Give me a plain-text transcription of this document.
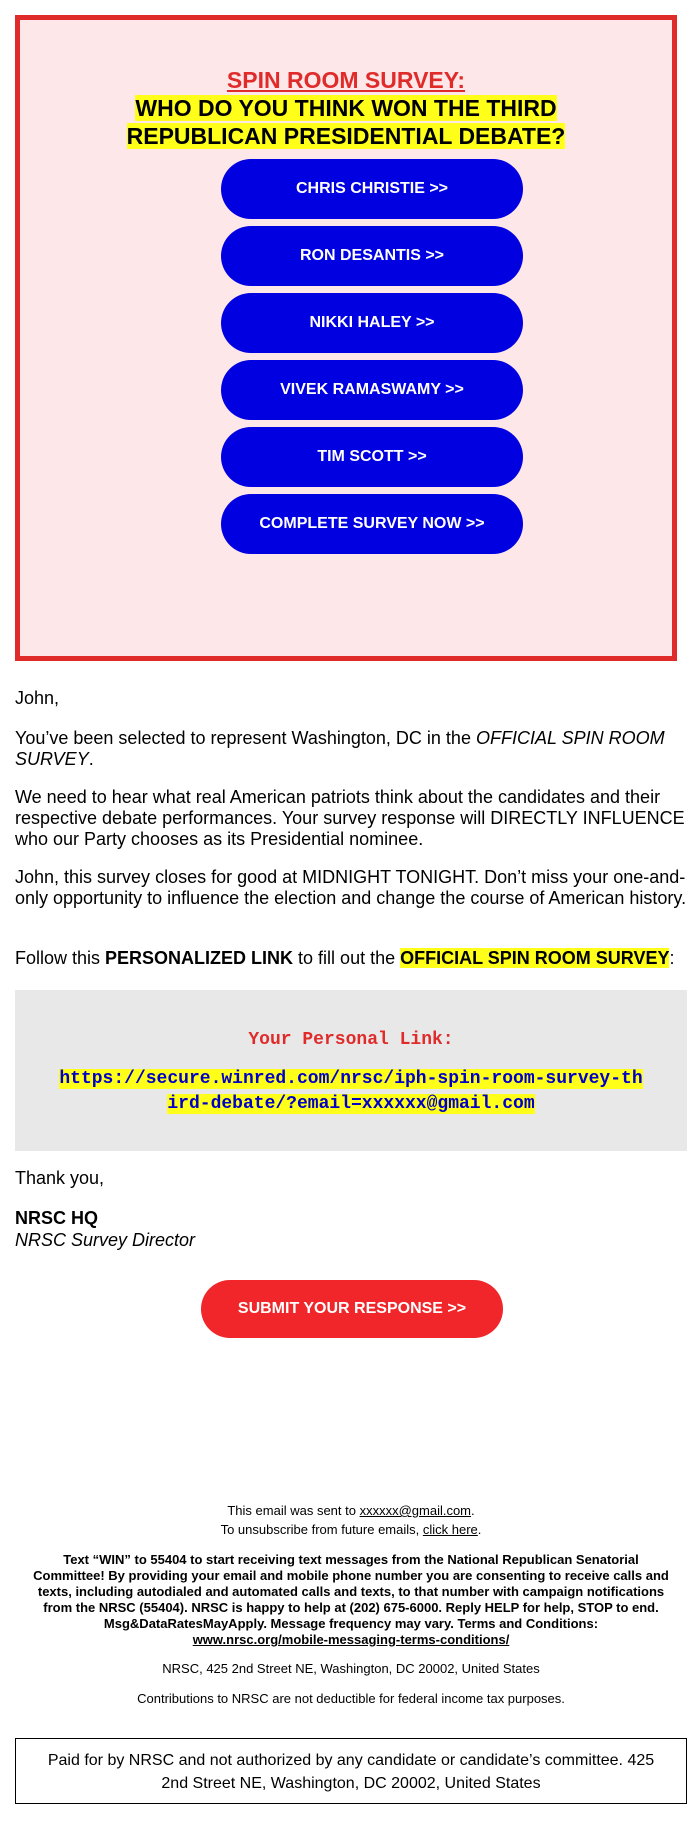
SPIN ROOM SURVEY:
WHO DO YOU THINK WON THE THIRD REPUBLICAN PRESIDENTIAL DEBATE?
CHRIS CHRISTIE >>
RON DESANTIS >>
NIKKI HALEY >>
VIVEK RAMASWAMY >>
TIM SCOTT >>
COMPLETE SURVEY NOW >>
John,
You’ve been selected to represent Washington, DC in the OFFICIAL SPIN ROOM SURVEY.
We need to hear what real American patriots think about the candidates and their respective debate performances. Your survey response will DIRECTLY INFLUENCE who our Party chooses as its Presidential nominee.
John, this survey closes for good at MIDNIGHT TONIGHT. Don’t miss your one-and-only opportunity to influence the election and change the course of American history.
Follow this PERSONALIZED LINK to fill out the OFFICIAL SPIN ROOM SURVEY:
Your Personal Link:
https://secure.winred.com/nrsc/iph-spin-room-survey-third-debate/?email=xxxxxx@gmail.com
Thank you,
NRSC HQ
NRSC Survey Director
SUBMIT YOUR RESPONSE >>
This email was sent to xxxxxx@gmail.com.
To unsubscribe from future emails, click here.
Text “WIN” to 55404 to start receiving text messages from the National Republican Senatorial Committee! By providing your email and mobile phone number you are consenting to receive calls and texts, including autodialed and automated calls and texts, to that number with campaign notifications from the NRSC (55404). NRSC is happy to help at (202) 675-6000. Reply HELP for help, STOP to end. Msg&DataRatesMayApply. Message frequency may vary. Terms and Conditions:
www.nrsc.org/mobile-messaging-terms-conditions/
NRSC, 425 2nd Street NE, Washington, DC 20002, United States
Contributions to NRSC are not deductible for federal income tax purposes.
Paid for by NRSC and not authorized by any candidate or candidate’s committee. 425 2nd Street NE, Washington, DC 20002, United States
